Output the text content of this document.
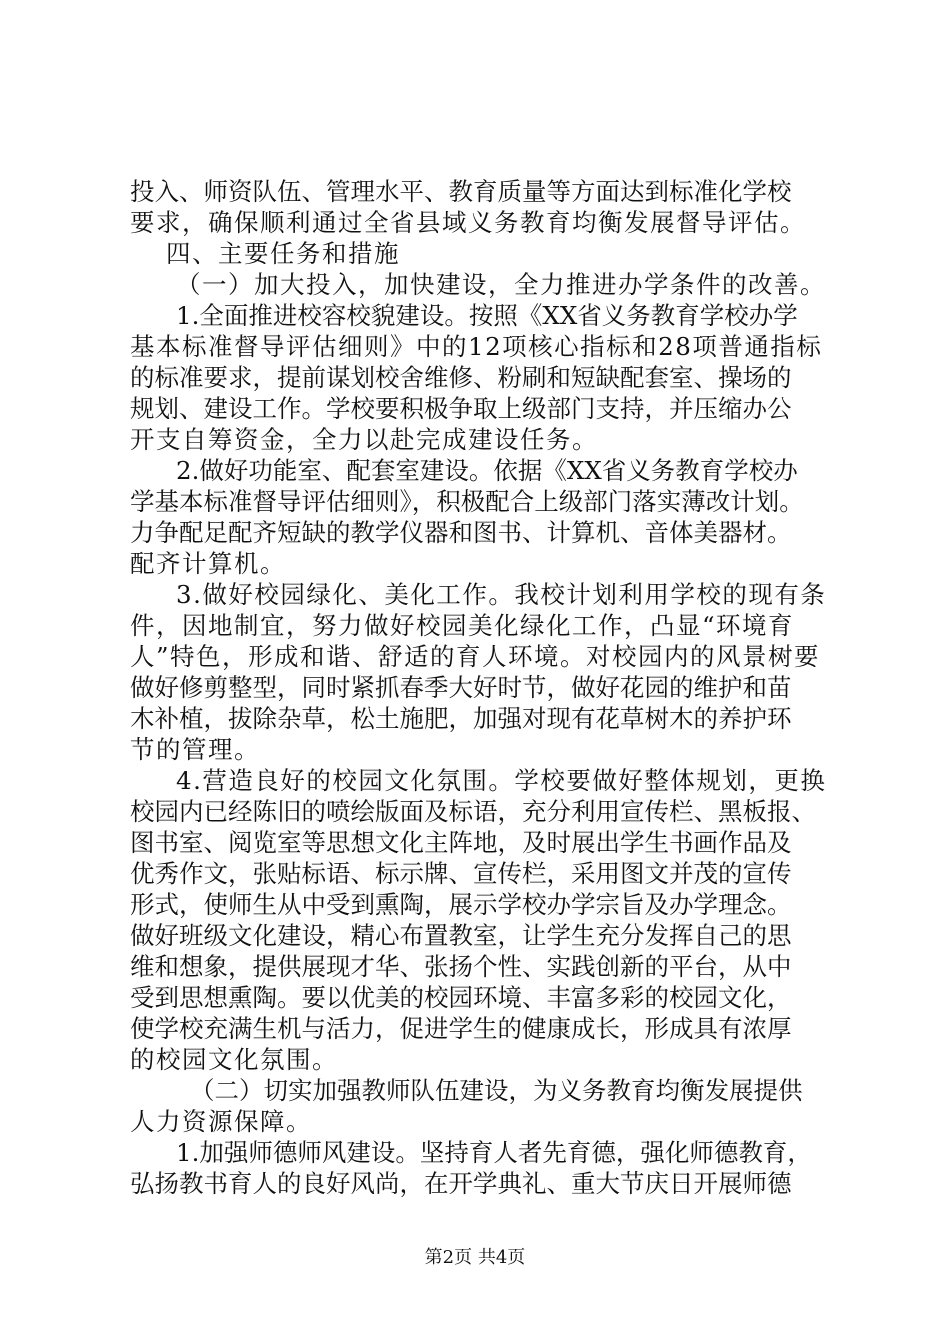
投入、师资队伍、管理水平、教育质量等方面达到标准化学校
要求，确保顺利通过全省县域义务教育均衡发展督导评估。
四、主要任务和措施
（一）加大投入，加快建设，全力推进办学条件的改善。
1.全面推进校容校貌建设。按照《XX省义务教育学校办学
基本标准督导评估细则》中的12项核心指标和28项普通指标
的标准要求，提前谋划校舍维修、粉刷和短缺配套室、操场的
规划、建设工作。学校要积极争取上级部门支持，并压缩办公
开支自筹资金，全力以赴完成建设任务。
2.做好功能室、配套室建设。依据《XX省义务教育学校办
学基本标准督导评估细则》，积极配合上级部门落实薄改计划。
力争配足配齐短缺的教学仪器和图书、计算机、音体美器材。
配齐计算机。
3.做好校园绿化、美化工作。我校计划利用学校的现有条
件，因地制宜，努力做好校园美化绿化工作，凸显“环境育
人”特色，形成和谐、舒适的育人环境。对校园内的风景树要
做好修剪整型，同时紧抓春季大好时节，做好花园的维护和苗
木补植，拔除杂草，松土施肥，加强对现有花草树木的养护环
节的管理。
4.营造良好的校园文化氛围。学校要做好整体规划，更换
校园内已经陈旧的喷绘版面及标语，充分利用宣传栏、黑板报、
图书室、阅览室等思想文化主阵地，及时展出学生书画作品及
优秀作文，张贴标语、标示牌、宣传栏，采用图文并茂的宣传
形式，使师生从中受到熏陶，展示学校办学宗旨及办学理念。
做好班级文化建设，精心布置教室，让学生充分发挥自己的思
维和想象，提供展现才华、张扬个性、实践创新的平台，从中
受到思想熏陶。要以优美的校园环境、丰富多彩的校园文化，
使学校充满生机与活力，促进学生的健康成长，形成具有浓厚
的校园文化氛围。
（二）切实加强教师队伍建设，为义务教育均衡发展提供
人力资源保障。
1.加强师德师风建设。坚持育人者先育德，强化师德教育，
弘扬教书育人的良好风尚，在开学典礼、重大节庆日开展师德
第2页 共4页
